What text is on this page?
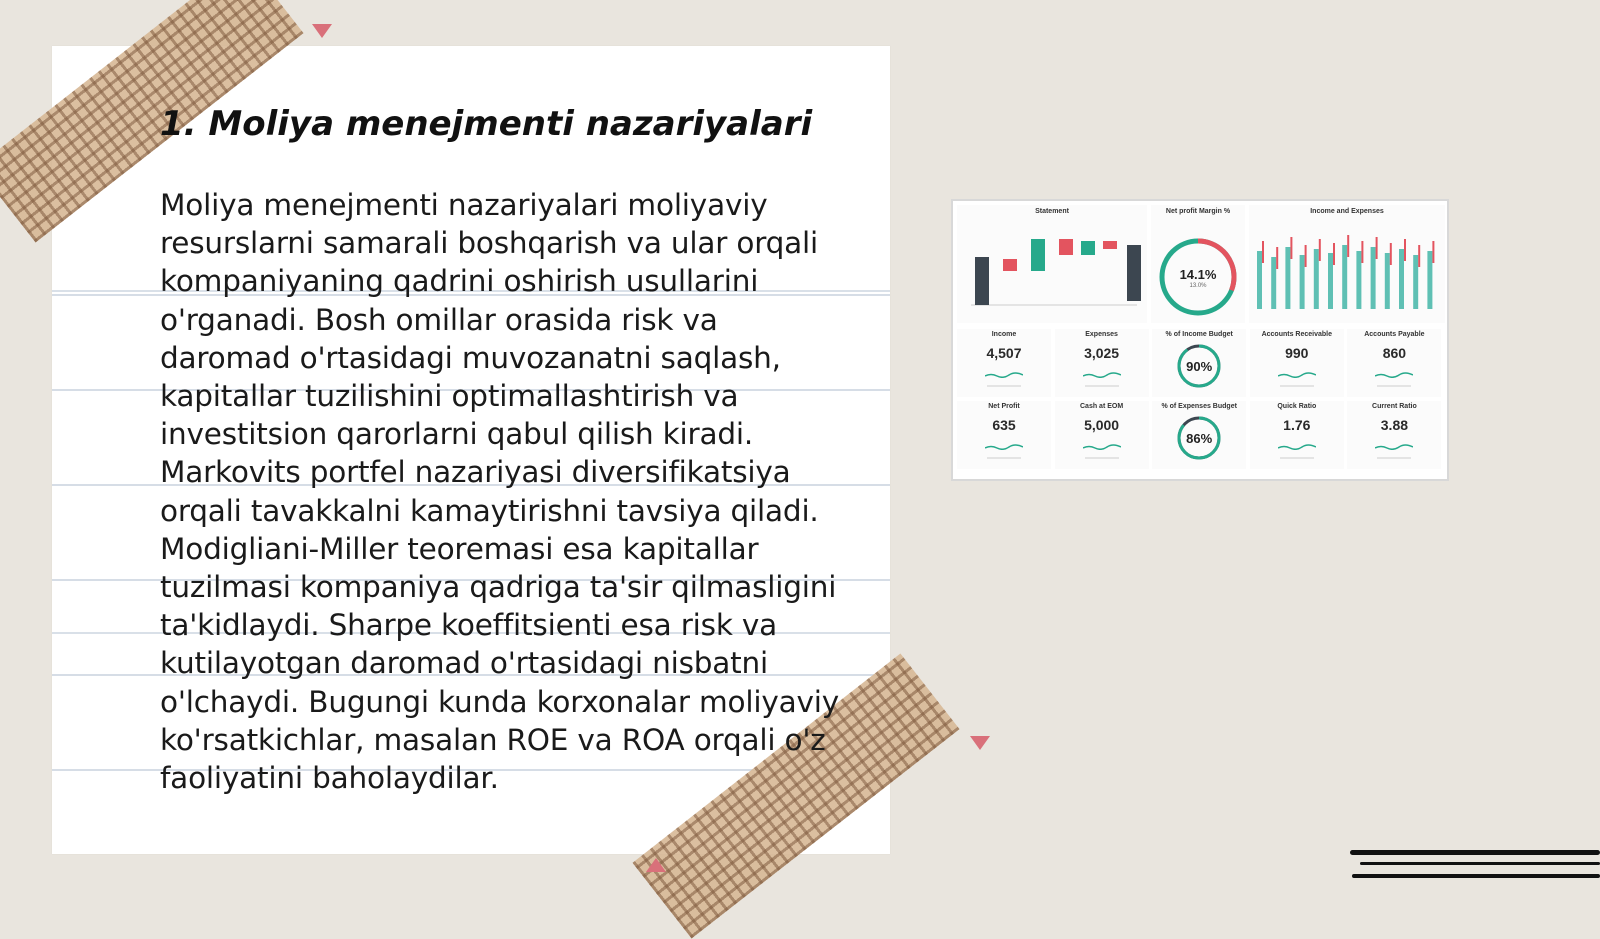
1. Moliya menejmenti nazariyalari

Moliya menejmenti nazariyalari moliyaviy resurslarni samarali boshqarish va ular orqali kompaniyaning qadrini oshirish usullarini o'rganadi. Bosh omillar orasida risk va daromad o'rtasidagi muvozanatni saqlash, kapitallar tuzilishini optimallashtirish va investitsion qarorlarni qabul qilish kiradi. Markovits portfel nazariyasi diversifikatsiya orqali tavakkalni kamaytirishni tavsiya qiladi. Modigliani-Miller teoremasi esa kapitallar tuzilmasi kompaniya qadriga ta'sir qilmasligini ta'kidlaydi. Sharpe koeffitsienti esa risk va kutilayotgan daromad o'rtasidagi nisbatni o'lchaydi. Bugungi kunda korxonalar moliyaviy ko'rsatkichlar, masalan ROE va ROA orqali o'z faoliyatini baholaydilar.

Statement	Net profit Margin %
14.1%
13.0%
Income and Expenses
Income
4,507
Expenses
3,025
% of Income Budget
90%
Accounts Receivable
990
Accounts Payable
860
Net Profit
635
Cash at EOM
5,000
% of Expenses Budget
86%
Quick Ratio
1.76
Current Ratio
3.88
